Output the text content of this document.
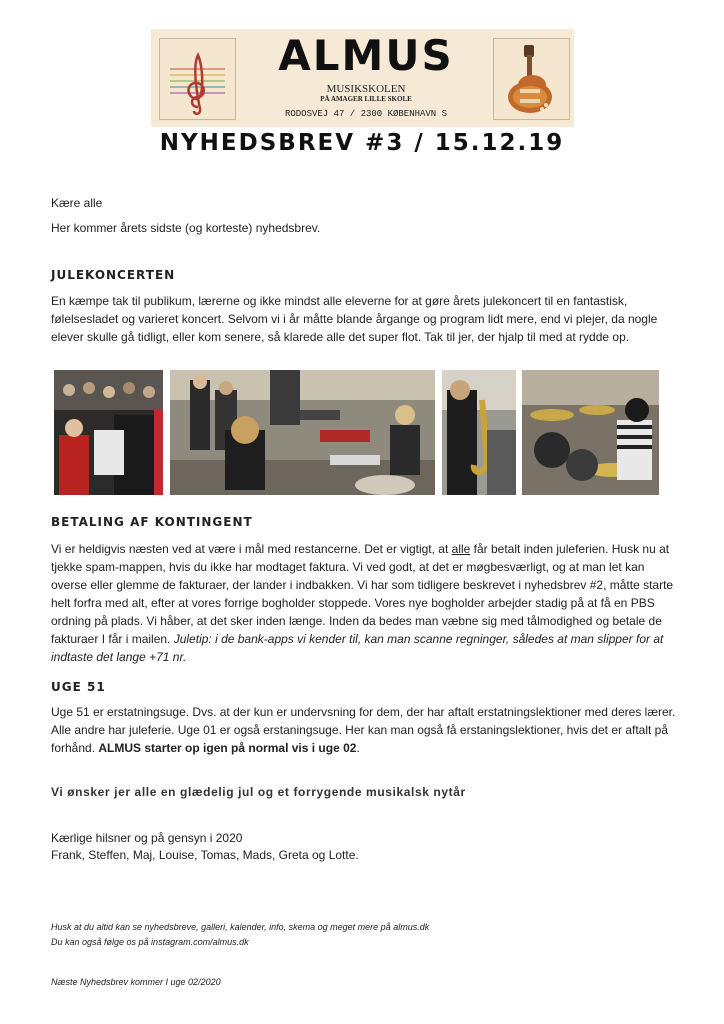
ALMUS
MUSIKSKOLEN
PÅ AMAGER LILLE SKOLE
RODOSVEJ 47 / 2300 KØBENHAVN S
NYHEDSBREV #3 / 15.12.19

Kære alle

Her kommer årets sidste (og korteste) nyhedsbrev.

JULEKONCERTEN

En kæmpe tak til publikum, lærerne og ikke mindst alle eleverne for at gøre årets julekoncert til en fantastisk, følelsesladet og varieret koncert. Selvom vi i år måtte blande årgange og program lidt mere, end vi plejer, da nogle elever skulle gå tidligt, eller kom senere, så klarede alle det super flot. Tak til jer, der hjalp til med at rydde op.

BETALING AF KONTINGENT

Vi er heldigvis næsten ved at være i mål med restancerne. Det er vigtigt, at alle får betalt inden juleferien. Husk nu at tjekke spam-mappen, hvis du ikke har modtaget faktura. Vi ved godt, at det er møgbesværligt, og at man let kan overse eller glemme de fakturaer, der lander i indbakken. Vi har som tidligere beskrevet i nyhedsbrev #2, måtte starte helt forfra med alt, efter at vores forrige bogholder stoppede. Vores nye bogholder arbejder stadig på at få en PBS ordning på plads. Vi håber, at det sker inden længe. Inden da bedes man væbne sig med tålmodighed og betale de fakturaer I får i mailen. Juletip: i de bank-apps vi kender til, kan man scanne regninger, således at man slipper for at indtaste det lange +71 nr.

UGE 51

Uge 51 er erstatningsuge. Dvs. at der kun er undervsning for dem, der har aftalt erstatningslektioner med deres lærer. Alle andre har juleferie. Uge 01 er også erstaningsuge. Her kan man også få erstaningslektioner, hvis det er aftalt på forhånd. ALMUS starter op igen på normal vis i uge 02.

Vi ønsker jer alle en glædelig jul og et forrygende musikalsk nytår

Kærlige hilsner og på gensyn i 2020

Frank, Steffen, Maj, Louise, Tomas, Mads, Greta og Lotte.

Husk at du altid kan se nyhedsbreve, galleri, kalender, info, skema og meget mere på almus.dk

Du kan også følge os på instagram.com/almus.dk

Næste Nyhedsbrev kommer I uge 02/2020
